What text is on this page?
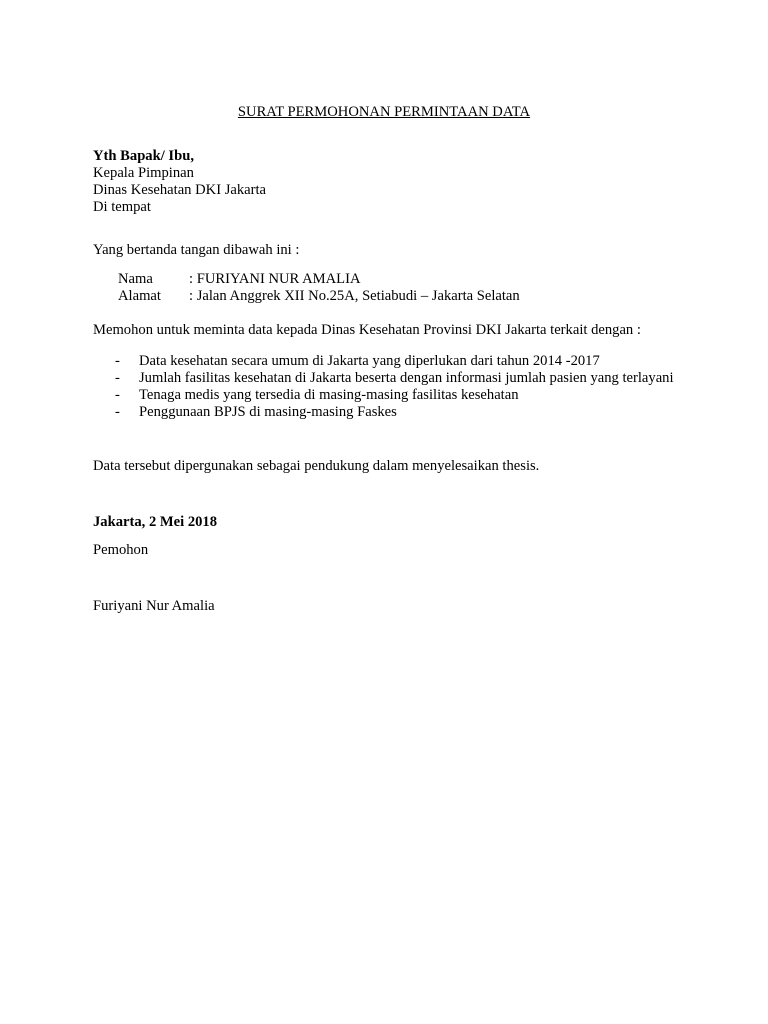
SURAT PERMOHONAN PERMINTAAN DATA
Yth Bapak/ Ibu,
Kepala Pimpinan
Dinas Kesehatan DKI Jakarta
Di tempat
Yang bertanda tangan dibawah ini :
Nama : FURIYANI NUR AMALIA
Alamat : Jalan Anggrek XII No.25A, Setiabudi – Jakarta Selatan
Memohon untuk meminta data kepada Dinas Kesehatan Provinsi DKI Jakarta terkait dengan :
- Data kesehatan secara umum di Jakarta yang diperlukan dari tahun 2014 -2017
- Jumlah fasilitas kesehatan di Jakarta beserta dengan informasi jumlah pasien yang terlayani
- Tenaga medis yang tersedia di masing-masing fasilitas kesehatan
- Penggunaan BPJS di masing-masing Faskes
Data tersebut dipergunakan sebagai pendukung dalam menyelesaikan thesis.
Jakarta, 2 Mei 2018
Pemohon
Furiyani Nur Amalia
